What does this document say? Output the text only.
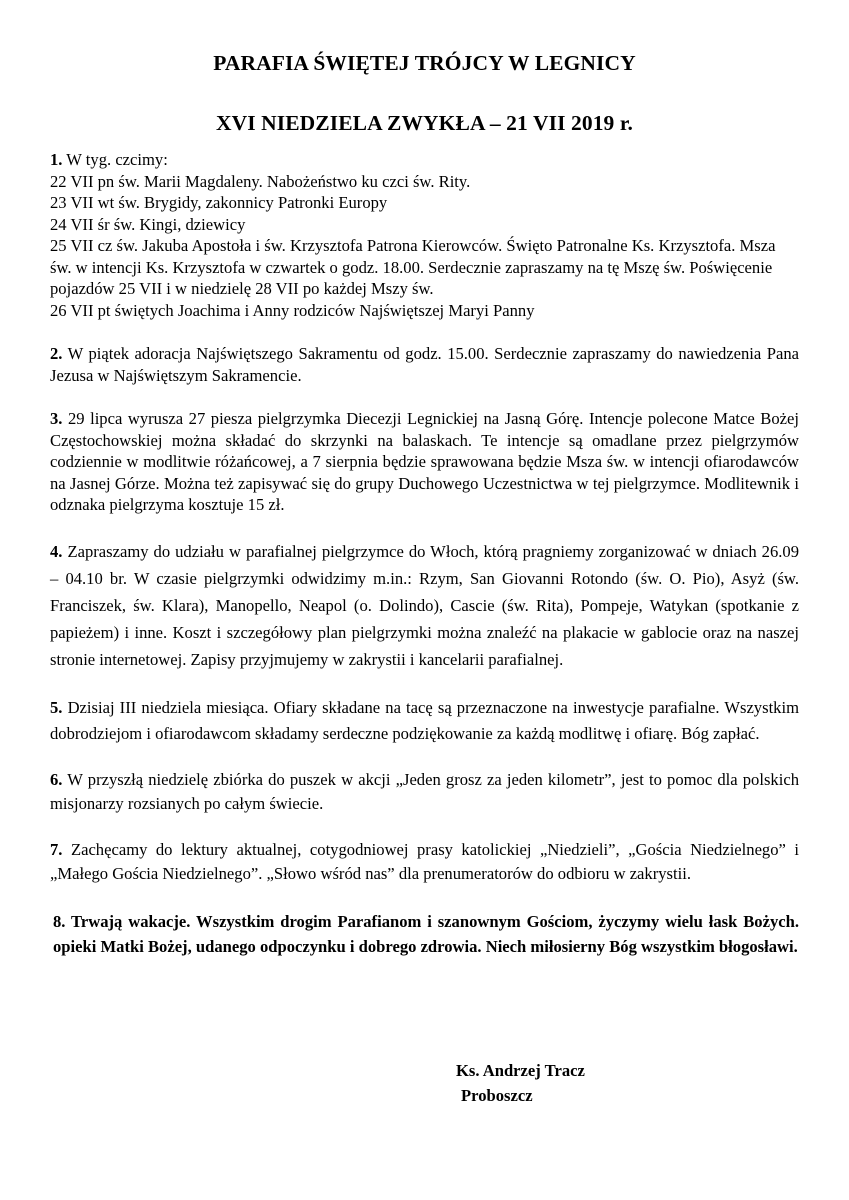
PARAFIA ŚWIĘTEJ TRÓJCY W LEGNICY
XVI NIEDZIELA ZWYKŁA – 21 VII 2019 r.

1. W tyg. czcimy:

22 VII pn św. Marii Magdaleny. Nabożeństwo ku czci św. Rity.

23 VII wt św. Brygidy, zakonnicy Patronki Europy

24 VII śr św. Kingi, dziewicy

25 VII cz św. Jakuba Apostoła i św. Krzysztofa Patrona Kierowców. Święto Patronalne Ks. Krzysztofa. Msza św. w intencji Ks. Krzysztofa w czwartek o godz. 18.00. Serdecznie zapraszamy na tę Mszę św. Poświęcenie pojazdów 25 VII i w niedzielę 28 VII po każdej Mszy św.

26 VII pt świętych Joachima i Anny rodziców Najświętszej Maryi Panny

2. W piątek adoracja Najświętszego Sakramentu od godz. 15.00. Serdecznie zapraszamy do nawiedzenia Pana Jezusa w Najświętszym Sakramencie.

3. 29 lipca wyrusza 27 piesza pielgrzymka Diecezji Legnickiej na Jasną Górę. Intencje polecone Matce Bożej Częstochowskiej można składać do skrzynki na balaskach. Te intencje są omadlane przez pielgrzymów codziennie w modlitwie różańcowej, a 7 sierpnia będzie sprawowana będzie Msza św. w intencji ofiarodawców na Jasnej Górze. Można też zapisywać się do grupy Duchowego Uczestnictwa w tej pielgrzymce. Modlitewnik i odznaka pielgrzyma kosztuje 15 zł.

4. Zapraszamy do udziału w parafialnej pielgrzymce do Włoch, którą pragniemy zorganizować w dniach 26.09 – 04.10 br. W czasie pielgrzymki odwidzimy m.in.: Rzym, San Giovanni Rotondo (św. O. Pio), Asyż (św. Franciszek, św. Klara), Manopello, Neapol (o. Dolindo), Cascie (św. Rita), Pompeje, Watykan (spotkanie z papieżem) i inne. Koszt i szczegółowy plan pielgrzymki można znaleźć na plakacie w gablocie oraz na naszej stronie internetowej. Zapisy przyjmujemy w zakrystii i kancelarii parafialnej.

5. Dzisiaj III niedziela miesiąca. Ofiary składane na tacę są przeznaczone na inwestycje parafialne. Wszystkim dobrodziejom i ofiarodawcom składamy serdeczne podziękowanie za każdą modlitwę i ofiarę. Bóg zapłać.

6. W przyszłą niedzielę zbiórka do puszek w akcji „Jeden grosz za jeden kilometr”, jest to pomoc dla polskich misjonarzy rozsianych po całym świecie.

7. Zachęcamy do lektury aktualnej, cotygodniowej prasy katolickiej „Niedzieli”, „Gościa Niedzielnego” i „Małego Gościa Niedzielnego”. „Słowo wśród nas” dla prenumeratorów do odbioru w zakrystii.

8. Trwają wakacje. Wszystkim drogim Parafianom i szanownym Gościom, życzymy wielu łask Bożych. opieki Matki Bożej, udanego odpoczynku i dobrego zdrowia. Niech miłosierny Bóg wszystkim błogosławi.

Ks. Andrzej Tracz
Proboszcz
